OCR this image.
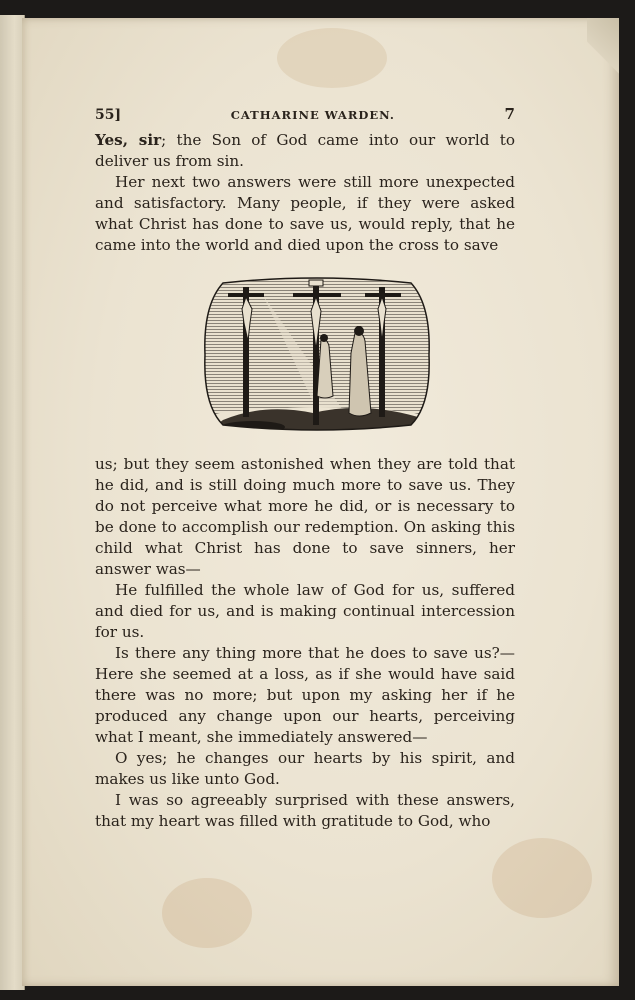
55]	CATHARINE WARDEN.	7

Yes, sir; the Son of God came into our world to deliver us from sin.

Her next two answers were still more unexpected and satisfactory. Many people, if they were asked what Christ has done to save us, would reply, that he came into the world and died upon the cross to save

us; but they seem astonished when they are told that he did, and is still doing much more to save us. They do not perceive what more he did, or is necessary to be done to accomplish our redemption. On asking this child what Christ has done to save sinners, her answer was—

He fulfilled the whole law of God for us, suffered and died for us, and is making continual intercession for us.

Is there any thing more that he does to save us?—Here she seemed at a loss, as if she would have said there was no more; but upon my asking her if he produced any change upon our hearts, perceiving what I meant, she immediately answered—

O yes; he changes our hearts by his spirit, and makes us like unto God.

I was so agreeably surprised with these answers, that my heart was filled with gratitude to God, who
